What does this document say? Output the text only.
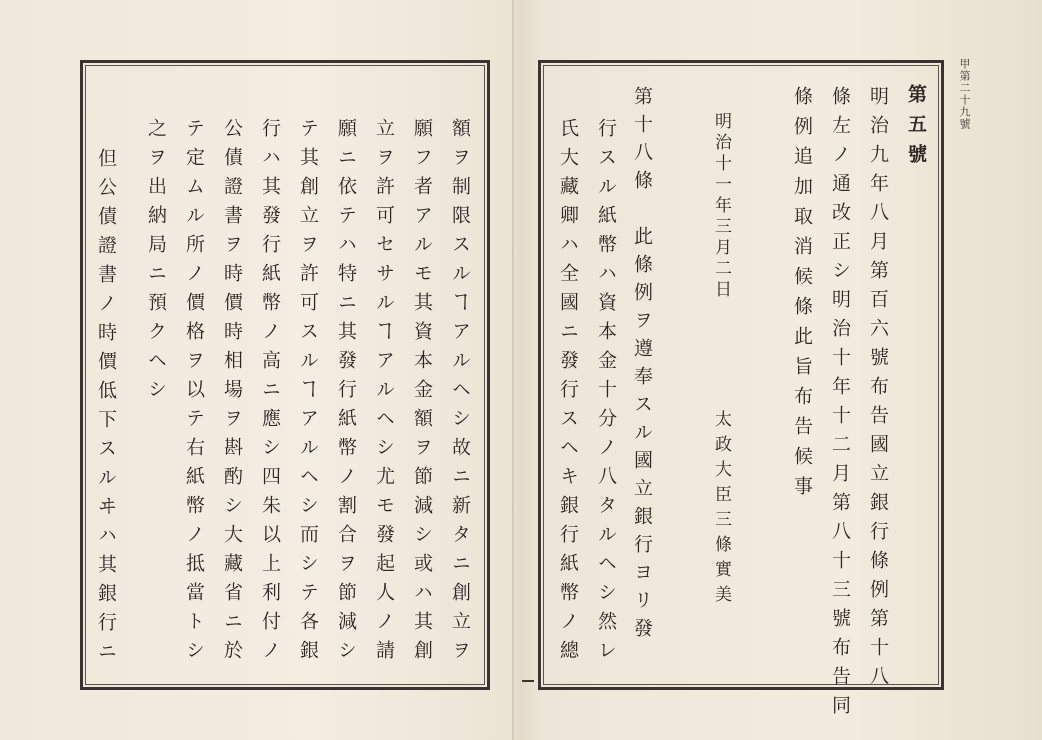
甲第二十九號
第五號
明治九年八月第百六號布告國立銀行條例第十八
條左ノ通改正シ明治十年十二月第八十三號布告同
條例追加取消候條此旨布告候事
明治十一年三月二日
太政大臣三條實美
第十八條　此條例ヲ遵奉スル國立銀行ヨリ發
行スル紙幣ハ資本金十分ノ八タルヘシ然レ
氏大藏卿ハ全國ニ發行スヘキ銀行紙幣ノ總
額ヲ制限スルヿアルヘシ故ニ新タニ創立ヲ
願フ者アルモ其資本金額ヲ節減シ或ハ其創
立ヲ許可セサルヿアルヘシ尤モ發起人ノ請
願ニ依テハ特ニ其發行紙幣ノ割合ヲ節減シ
テ其創立ヲ許可スルヿアルヘシ而シテ各銀
行ハ其發行紙幣ノ高ニ應シ四朱以上利付ノ
公債證書ヲ時價時相場ヲ斟酌シ大藏省ニ於
テ定ムル所ノ價格ヲ以テ右紙幣ノ抵當トシ
之ヲ出納局ニ預クヘシ
但公債證書ノ時價低下スルヰハ其銀行ニ
